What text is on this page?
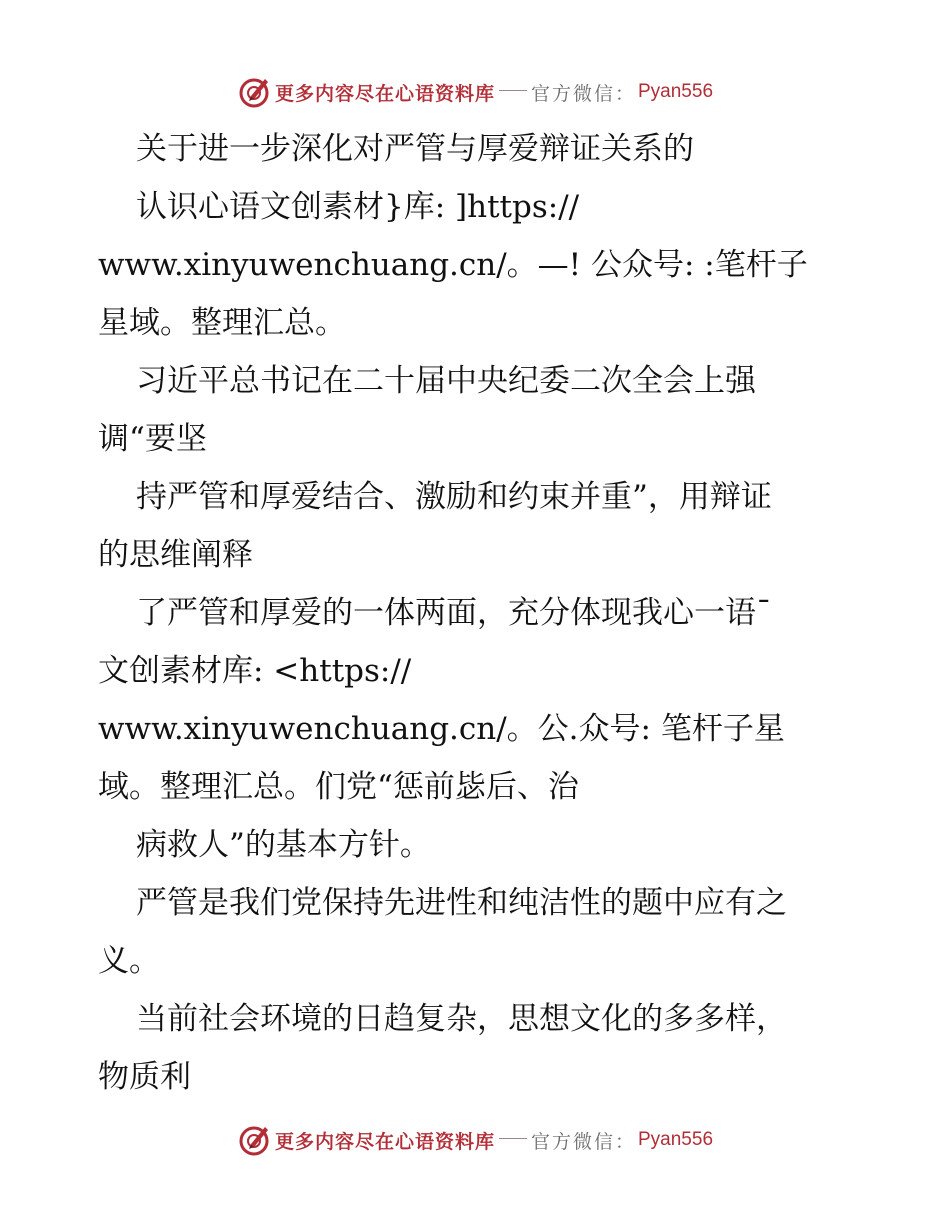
更多内容尽在心语资料库 官方微信： Pyan556
关于进一步深化对严管与厚爱辩证关系的
认识心语文创素材}库: ]https://
www.xinyuwenchuang.cn/。—! 公众号: :笔杆子
星域。整理汇总。
习近平总书记在二十届中央纪委二次全会上强
调“要坚
持严管和厚爱结合、激励和约束并重”，用辩证
的思维阐释
了严管和厚爱的一体两面，充分体现我心一语¯
文创素材库: <https://
www.xinyuwenchuang.cn/。公.众号: 笔杆子星
域。整理汇总。们党“惩前毖后、治
病救人”的基本方针。
严管是我们党保持先进性和纯洁性的题中应有之
义。
当前社会环境的日趋复杂，思想文化的多多样，
物质利
更多内容尽在心语资料库 官方微信： Pyan556
